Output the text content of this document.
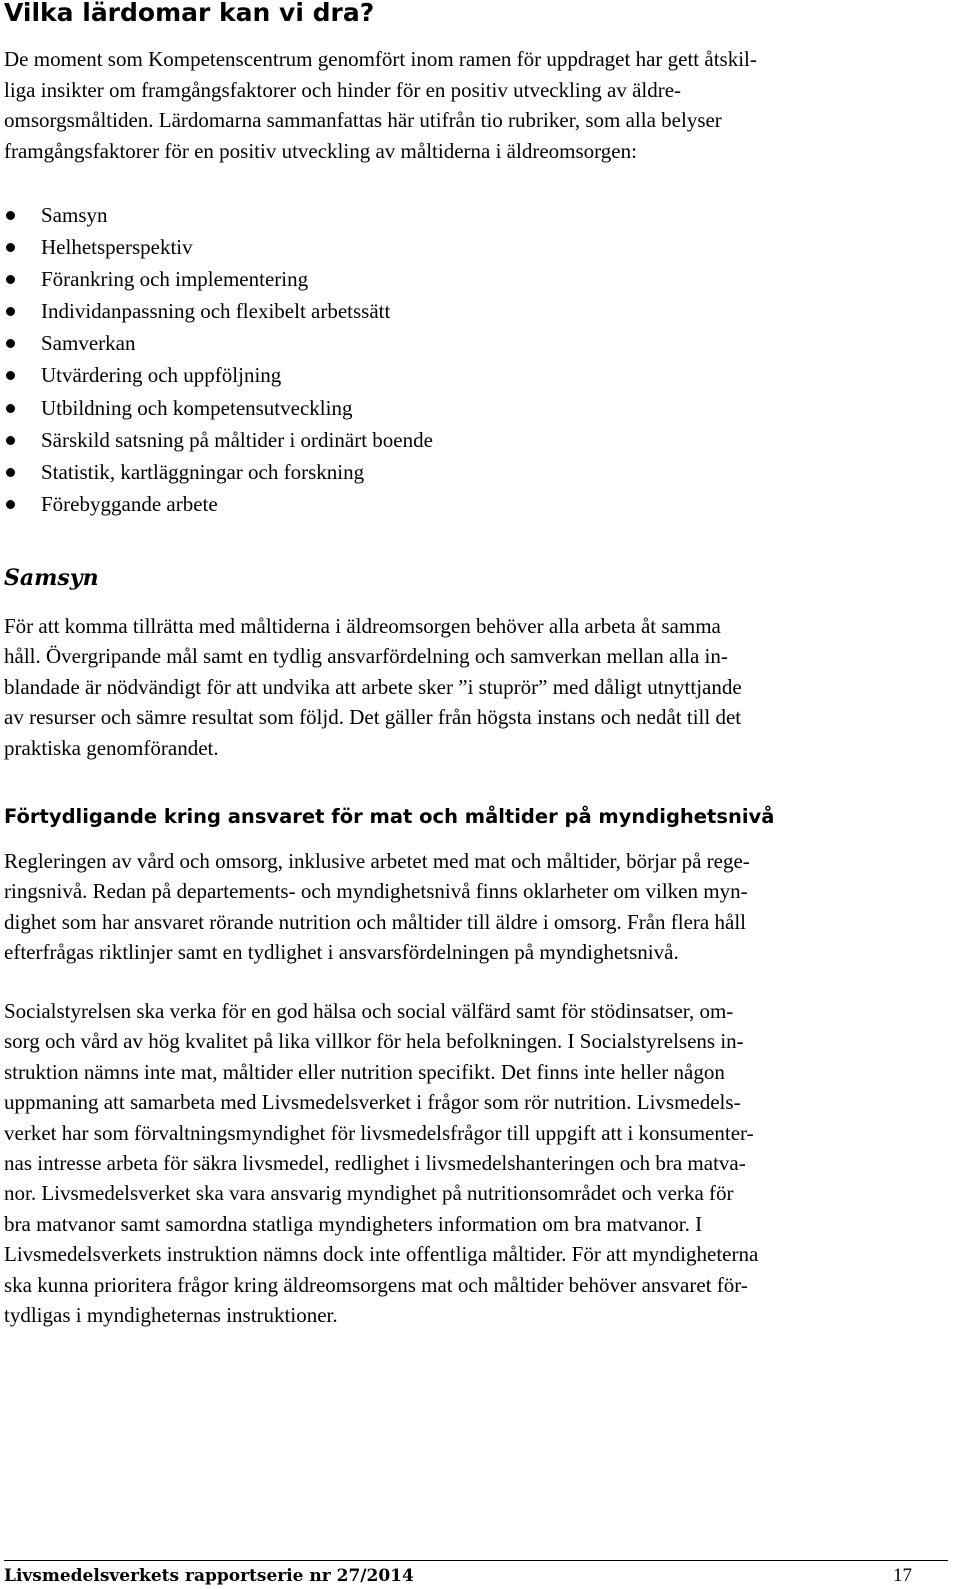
Vilka lärdomar kan vi dra?
De moment som Kompetenscentrum genomfört inom ramen för uppdraget har gett åtskil-
liga insikter om framgångsfaktorer och hinder för en positiv utveckling av äldre-
omsorgsmåltiden. Lärdomarna sammanfattas här utifrån tio rubriker, som alla belyser
framgångsfaktorer för en positiv utveckling av måltiderna i äldreomsorgen:
Samsyn
Helhetsperspektiv
Förankring och implementering
Individanpassning och flexibelt arbetssätt
Samverkan
Utvärdering och uppföljning
Utbildning och kompetensutveckling
Särskild satsning på måltider i ordinärt boende
Statistik, kartläggningar och forskning
Förebyggande arbete
Samsyn
För att komma tillrätta med måltiderna i äldreomsorgen behöver alla arbeta åt samma
håll. Övergripande mål samt en tydlig ansvarfördelning och samverkan mellan alla in-
blandade är nödvändigt för att undvika att arbete sker ”i stuprör” med dåligt utnyttjande
av resurser och sämre resultat som följd. Det gäller från högsta instans och nedåt till det
praktiska genomförandet.
Förtydligande kring ansvaret för mat och måltider på myndighetsnivå
Regleringen av vård och omsorg, inklusive arbetet med mat och måltider, börjar på rege-
ringsnivå. Redan på departements- och myndighetsnivå finns oklarheter om vilken myn-
dighet som har ansvaret rörande nutrition och måltider till äldre i omsorg. Från flera håll
efterfrågas riktlinjer samt en tydlighet i ansvarsfördelningen på myndighetsnivå.
Socialstyrelsen ska verka för en god hälsa och social välfärd samt för stödinsatser, om-
sorg och vård av hög kvalitet på lika villkor för hela befolkningen. I Socialstyrelsens in-
struktion nämns inte mat, måltider eller nutrition specifikt. Det finns inte heller någon
uppmaning att samarbeta med Livsmedelsverket i frågor som rör nutrition. Livsmedels-
verket har som förvaltningsmyndighet för livsmedelsfrågor till uppgift att i konsumenter-
nas intresse arbeta för säkra livsmedel, redlighet i livsmedelshanteringen och bra matva-
nor. Livsmedelsverket ska vara ansvarig myndighet på nutritionsområdet och verka för
bra matvanor samt samordna statliga myndigheters information om bra matvanor. I
Livsmedelsverkets instruktion nämns dock inte offentliga måltider. För att myndigheterna
ska kunna prioritera frågor kring äldreomsorgens mat och måltider behöver ansvaret för-
tydligas i myndigheternas instruktioner.
Livsmedelsverkets rapportserie nr 27/2014	17
